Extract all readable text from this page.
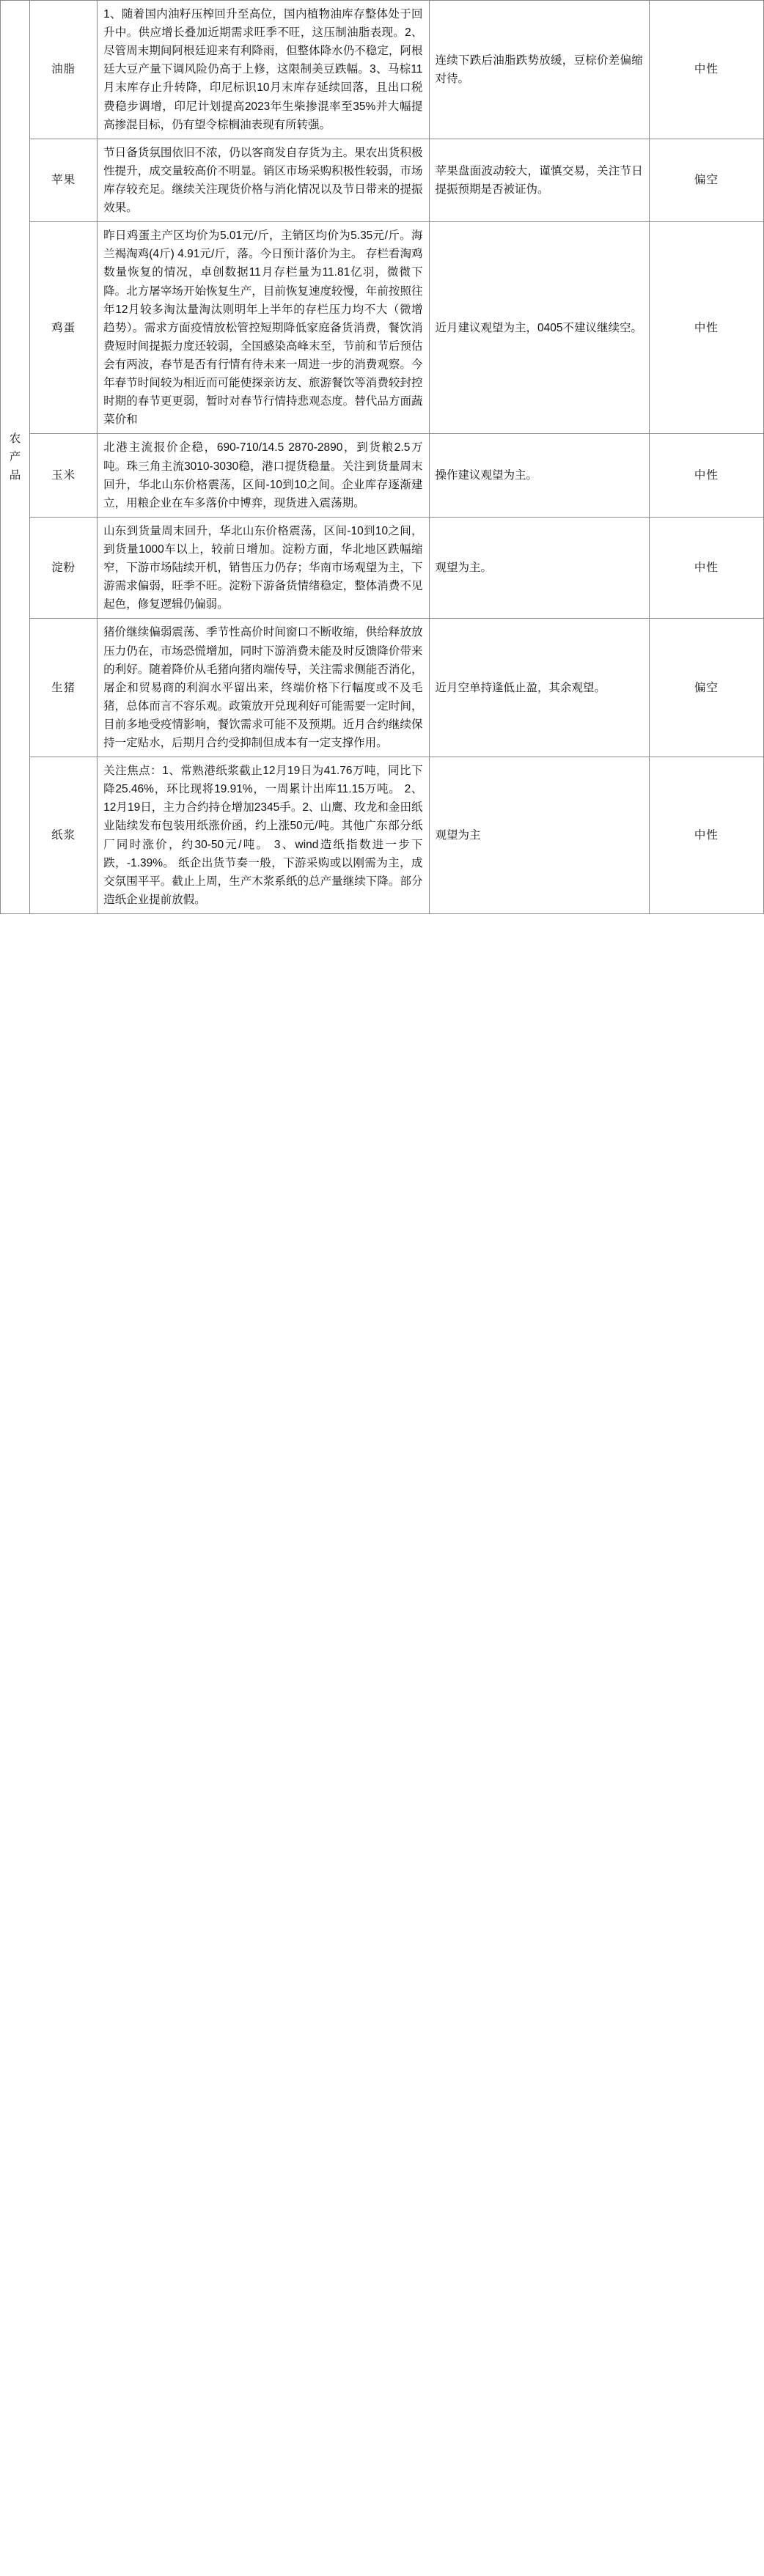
农产品	油脂	1、随着国内油籽压榨回升至高位，国内植物油库存整体处于回升中。供应增长叠加近期需求旺季不旺，这压制油脂表现。2、尽管周末期间阿根廷迎来有利降雨，但整体降水仍不稳定，阿根廷大豆产量下调风险仍高于上修，这限制美豆跌幅。3、马棕11月末库存止升转降，印尼标识10月末库存延续回落，且出口税费稳步调增，印尼计划提高2023年生柴掺混率至35%并大幅提高掺混目标，仍有望令棕榈油表现有所转强。	连续下跌后油脂跌势放缓，豆棕价差偏缩对待。	中性
	苹果	节日备货氛围依旧不浓，仍以客商发自存货为主。果农出货积极性提升，成交量较高价不明显。销区市场采购积极性较弱，市场库存较充足。继续关注现货价格与消化情况以及节日带来的提振效果。	苹果盘面波动较大，谨慎交易，关注节日提振预期是否被证伪。	偏空
	鸡蛋	昨日鸡蛋主产区均价为5.01元/斤，主销区均价为5.35元/斤。海兰褐淘鸡(4斤) 4.91元/斤，落。今日预计落价为主。 存栏看淘鸡数量恢复的情况，卓创数据11月存栏量为11.81亿羽，微微下降。北方屠宰场开始恢复生产，目前恢复速度较慢，年前按照往年12月较多淘汰量淘汰则明年上半年的存栏压力均不大（微增趋势）。需求方面疫情放松管控短期降低家庭备货消费，餐饮消费短时间提振力度还较弱，全国感染高峰末至，节前和节后预估会有两波，春节是否有行情有待未来一周进一步的消费观察。今年春节时间较为相近而可能使探亲访友、旅游餐饮等消费较封控时期的春节更更弱，暂时对春节行情持悲观态度。替代品方面蔬菜价和	近月建议观望为主，0405不建议继续空。	中性
	玉米	北港主流报价企稳，690-710/14.5 2870-2890，到货粮2.5万吨。珠三角主流3010-3030稳，港口提货稳量。关注到货量周末回升，华北山东价格震荡，区间-10到10之间。企业库存逐渐建立，用粮企业在车多落价中博弈，现货进入震荡期。	操作建议观望为主。	中性
	淀粉	山东到货量周末回升，华北山东价格震荡，区间-10到10之间，到货量1000车以上，较前日增加。淀粉方面，华北地区跌幅缩窄，下游市场陆续开机，销售压力仍存；华南市场观望为主，下游需求偏弱，旺季不旺。淀粉下游备货情绪稳定，整体消费不见起色，修复逻辑仍偏弱。	观望为主。	中性
	生猪	猪价继续偏弱震荡、季节性高价时间窗口不断收缩，供给释放放压力仍在，市场恐慌增加，同时下游消费未能及时反馈降价带来的利好。随着降价从毛猪向猪肉端传导，关注需求侧能否消化，屠企和贸易商的利润水平留出来，终端价格下行幅度或不及毛猪，总体而言不容乐观。政策放开兑现利好可能需要一定时间，目前多地受疫情影响，餐饮需求可能不及预期。近月合约继续保持一定贴水，后期月合约受抑制但成本有一定支撑作用。	近月空单持逢低止盈，其余观望。	偏空
	纸浆	关注焦点：1、常熟港纸浆截止12月19日为41.76万吨，同比下降25.46%，环比现将19.91%，一周累计出库11.15万吨。 2、12月19日，主力合约持仓增加2345手。2、山鹰、玫龙和金田纸业陆续发布包装用纸涨价函，约上涨50元/吨。其他广东部分纸厂同时涨价，约30-50元/吨。 3、wind造纸指数进一步下跌，-1.39%。 纸企出货节奏一般，下游采购或以刚需为主，成交氛围平平。截止上周，生产木浆系纸的总产量继续下降。部分造纸企业提前放假。	观望为主	中性
